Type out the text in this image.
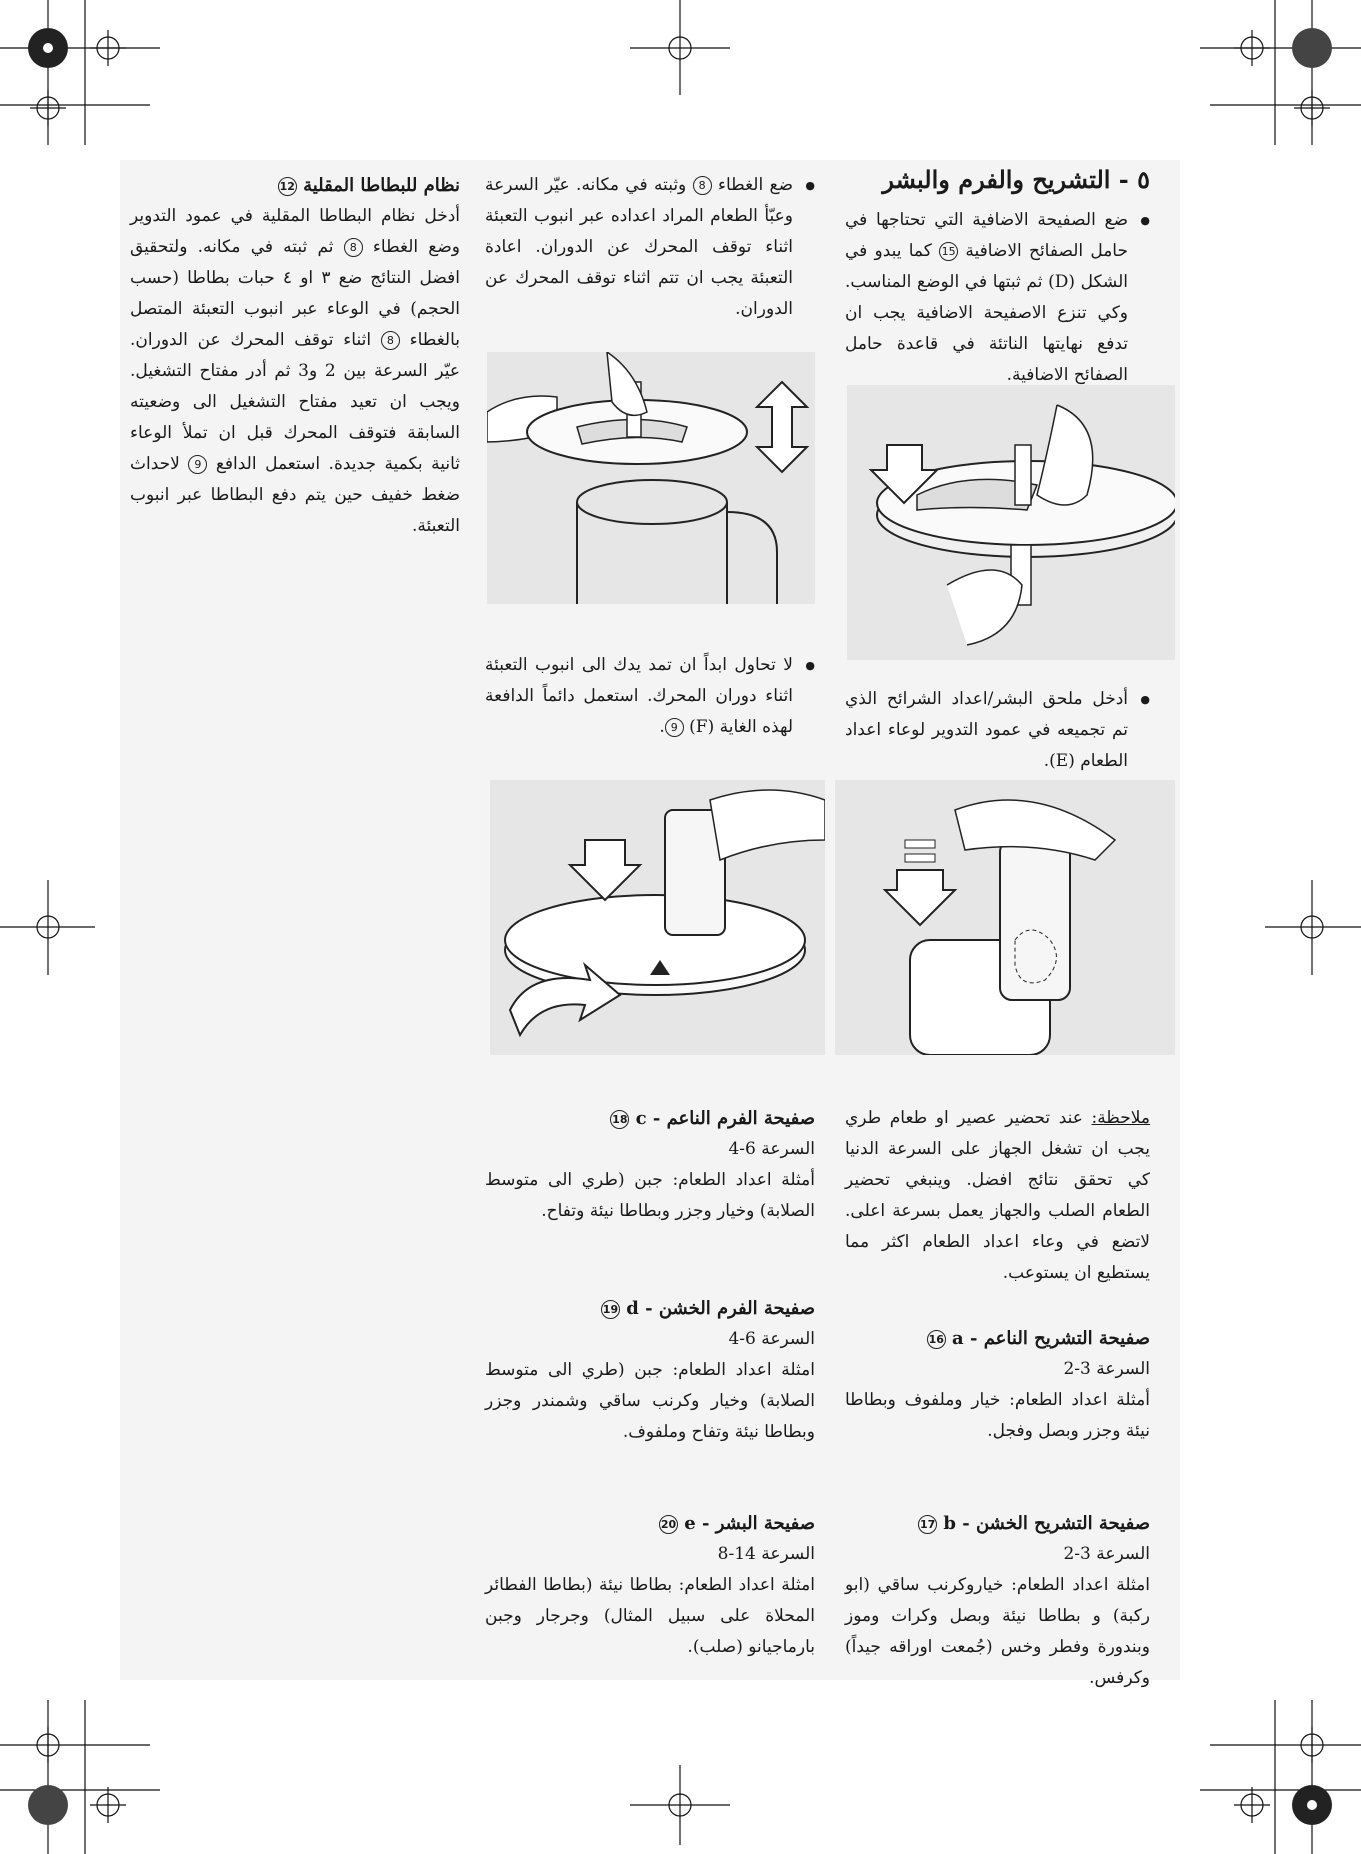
٥ - التشريح والفرم والبشر

● ضع الصفيحة الاضافية التي تحتاجها في حامل الصفائح الاضافية 15 كما يبدو في الشكل (D) ثم ثبتها في الوضع المناسب. وكي تنزع الاصفيحة الاضافية يجب ان تدفع نهايتها الناتئة في قاعدة حامل الصفائح الاضافية.

● أدخل ملحق البشر/اعداد الشرائح الذي تم تجميعه في عمود التدوير لوعاء اعداد الطعام (E).

● ضع الغطاء 8 وثبته في مكانه. عيّر السرعة وعبّأ الطعام المراد اعداده عبر انبوب التعبئة اثناء توقف المحرك عن الدوران. اعادة التعبئة يجب ان تتم اثناء توقف المحرك عن الدوران.

● لا تحاول ابداً ان تمد يدك الى انبوب التعبئة اثناء دوران المحرك. استعمل دائماً الدافعة لهذه الغاية (F) 9.

نظام للبطاطا المقلية 12

أدخل نظام البطاطا المقلية في عمود التدوير وضع الغطاء 8 ثم ثبته في مكانه. ولتحقيق افضل النتائج ضع ٣ او ٤ حبات بطاطا (حسب الحجم) في الوعاء عبر انبوب التعبئة المتصل بالغطاء 8 اثناء توقف المحرك عن الدوران. عيّر السرعة بين 2 و3 ثم أدر مفتاح التشغيل. ويجب ان تعيد مفتاح التشغيل الى وضعيته السابقة فتوقف المحرك قبل ان تملأ الوعاء ثانية بكمية جديدة. استعمل الدافع 9 لاحداث ضغط خفيف حين يتم دفع البطاطا عبر انبوب التعبئة.

ملاحظة: عند تحضير عصير او طعام طري يجب ان تشغل الجهاز على السرعة الدنيا كي تحقق نتائج افضل. وينبغي تحضير الطعام الصلب والجهاز يعمل بسرعة اعلى. لاتضع في وعاء اعداد الطعام اكثر مما يستطيع ان يستوعب.

صفيحة التشريح الناعم - a 16

السرعة 3-2

أمثلة اعداد الطعام: خيار وملفوف وبطاطا نيئة وجزر وبصل وفجل.

صفيحة التشريح الخشن - b 17

السرعة 3-2

امثلة اعداد الطعام: خياروكرنب ساقي (ابو ركبة) و بطاطا نيئة وبصل وكرات وموز وبندورة وفطر وخس (جُمعت اوراقه جيداً) وكرفس.

صفيحة الفرم الناعم - c 18

السرعة 6-4

أمثلة اعداد الطعام: جبن (طري الى متوسط الصلابة) وخيار وجزر وبطاطا نيئة وتفاح.

صفيحة الفرم الخشن - d 19

السرعة 6-4

امثلة اعداد الطعام: جبن (طري الى متوسط الصلابة) وخيار وكرنب ساقي وشمندر وجزر وبطاطا نيئة وتفاح وملفوف.

صفيحة البشر - e 20

السرعة 14-8

امثلة اعداد الطعام: بطاطا نيئة (بطاطا الفطائر المحلاة على سبيل المثال) وجرجار وجبن بارماجيانو (صلب).
